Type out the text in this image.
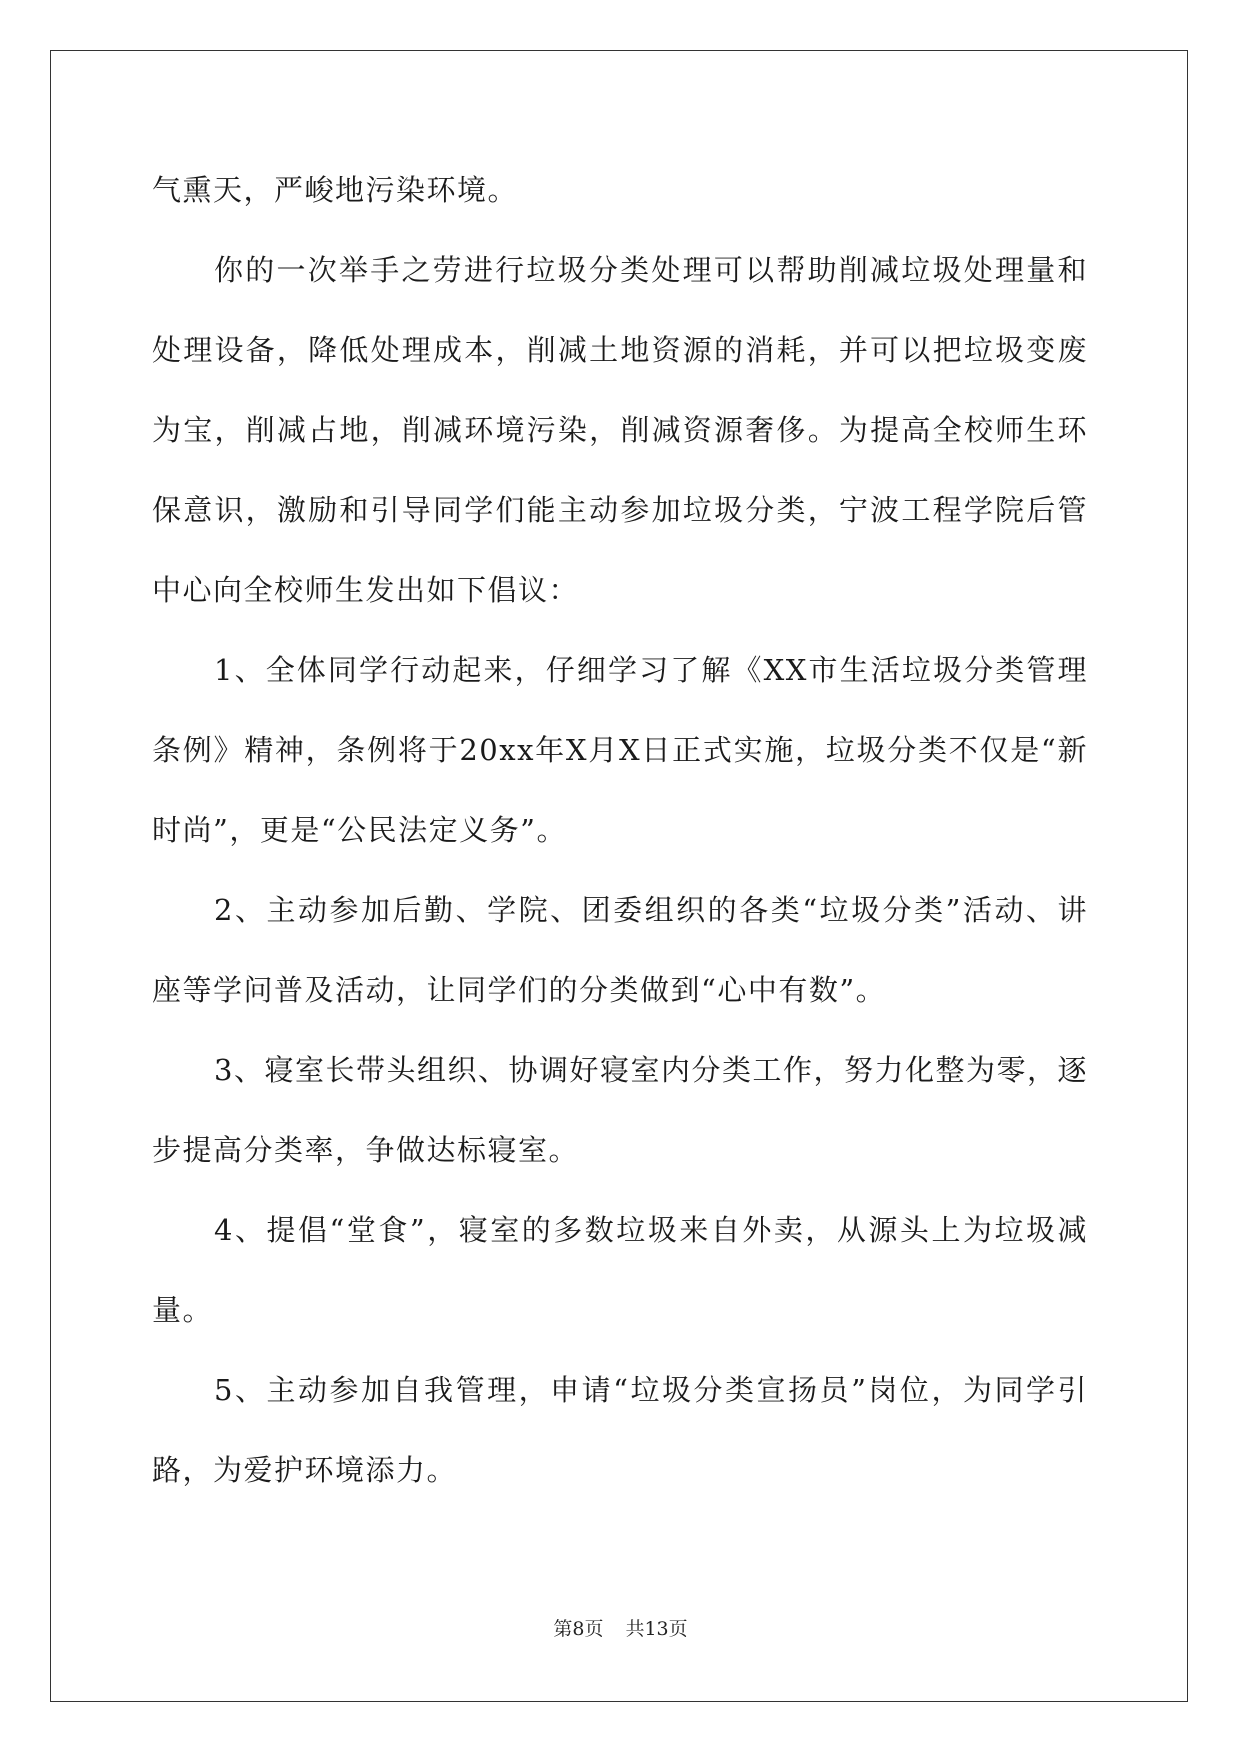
气熏天，严峻地污染环境。

你的一次举手之劳进行垃圾分类处理可以帮助削减垃圾处理量和处理设备，降低处理成本，削减土地资源的消耗，并可以把垃圾变废为宝，削减占地，削减环境污染，削减资源奢侈。为提高全校师生环保意识，激励和引导同学们能主动参加垃圾分类，宁波工程学院后管中心向全校师生发出如下倡议：

1、全体同学行动起来，仔细学习了解《XX市生活垃圾分类管理条例》精神，条例将于20xx年X月X日正式实施，垃圾分类不仅是“新时尚”，更是“公民法定义务”。

2、主动参加后勤、学院、团委组织的各类“垃圾分类”活动、讲座等学问普及活动，让同学们的分类做到“心中有数”。

3、寝室长带头组织、协调好寝室内分类工作，努力化整为零，逐步提高分类率，争做达标寝室。

4、提倡“堂食”，寝室的多数垃圾来自外卖，从源头上为垃圾减量。

5、主动参加自我管理，申请“垃圾分类宣扬员”岗位，为同学引路，为爱护环境添力。

第8页 共13页
